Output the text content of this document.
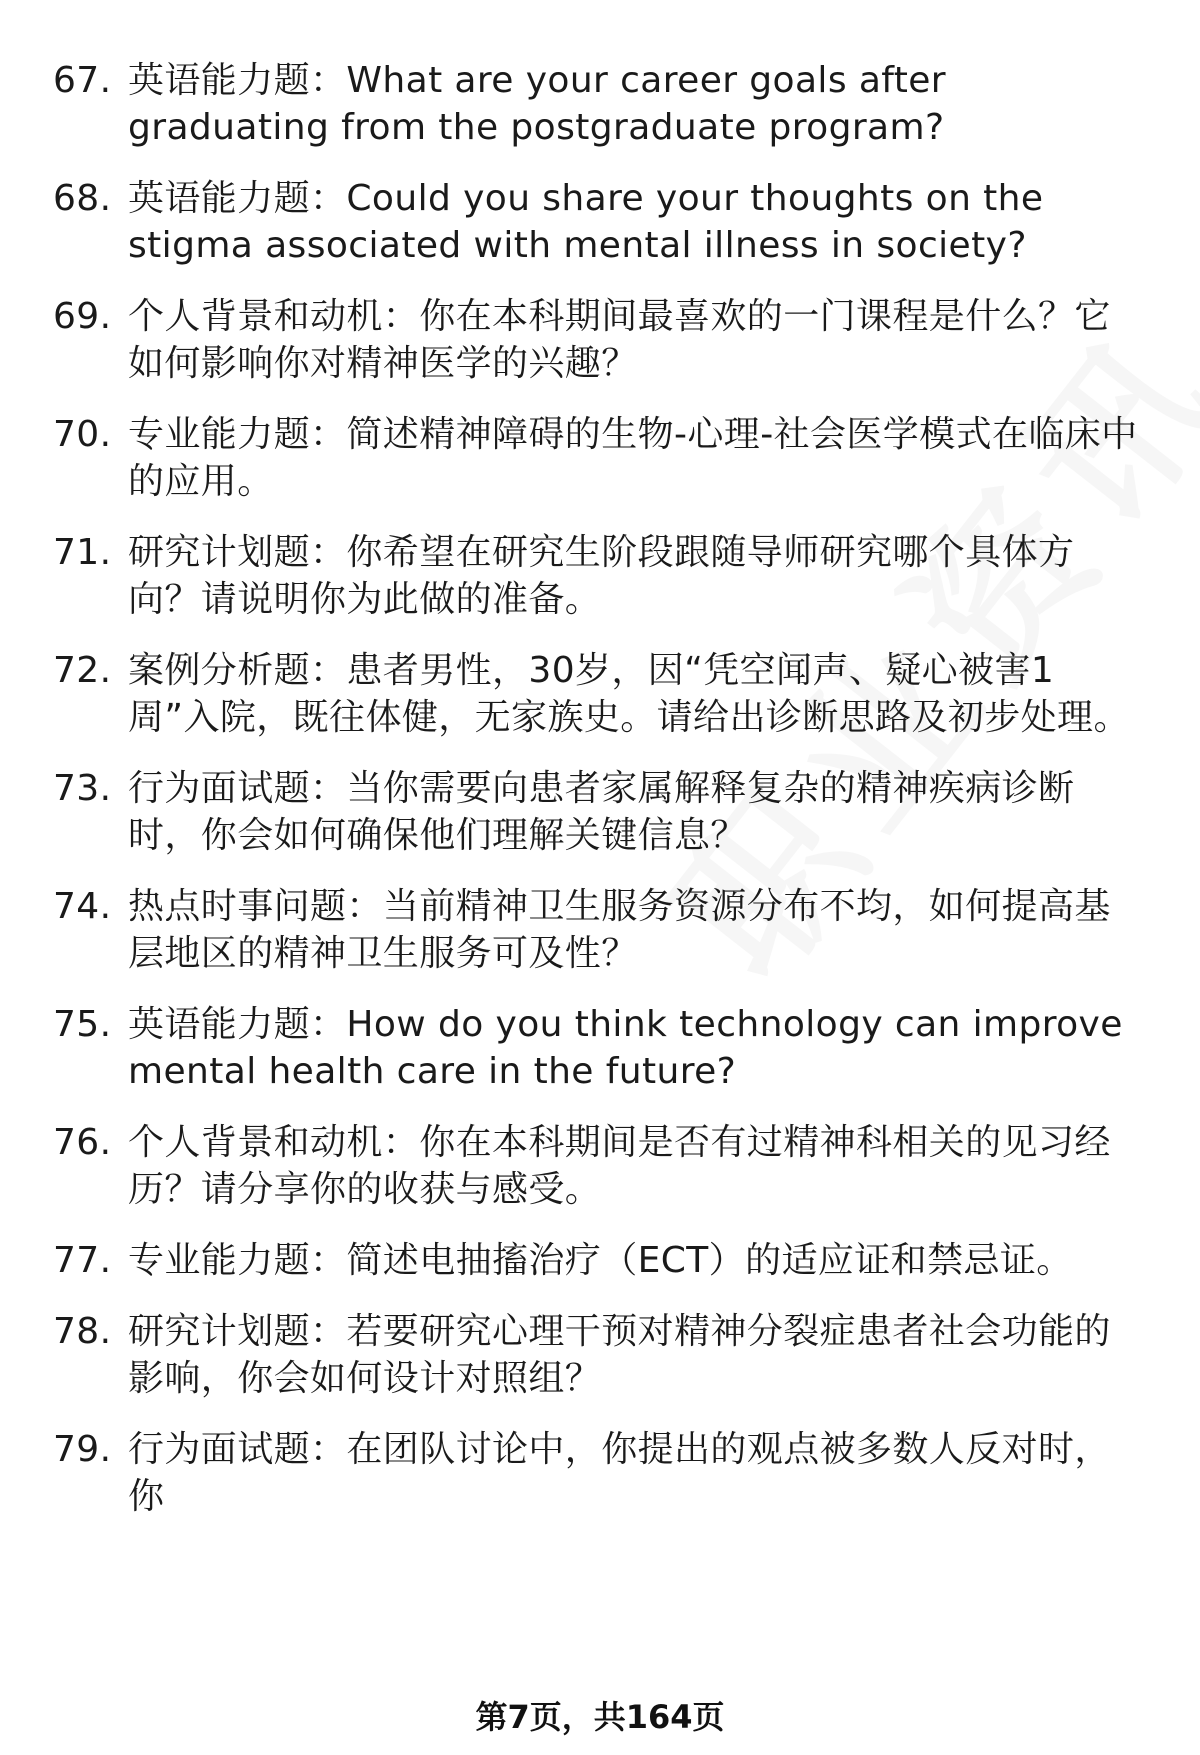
67. 英语能力题：What are your career goals after graduating from the postgraduate program?
68. 英语能力题：Could you share your thoughts on the stigma associated with mental illness in society?
69. 个人背景和动机：你在本科期间最喜欢的一门课程是什么？它如何影响你对精神医学的兴趣？
70. 专业能力题：简述精神障碍的生物-心理-社会医学模式在临床中的应用。
71. 研究计划题：你希望在研究生阶段跟随导师研究哪个具体方向？请说明你为此做的准备。
72. 案例分析题：患者男性，30岁，因“凭空闻声、疑心被害1周”入院，既往体健，无家族史。请给出诊断思路及初步处理。
73. 行为面试题：当你需要向患者家属解释复杂的精神疾病诊断时，你会如何确保他们理解关键信息？
74. 热点时事问题：当前精神卫生服务资源分布不均，如何提高基层地区的精神卫生服务可及性？
75. 英语能力题：How do you think technology can improve mental health care in the future?
76. 个人背景和动机：你在本科期间是否有过精神科相关的见习经历？请分享你的收获与感受。
77. 专业能力题：简述电抽搐治疗（ECT）的适应证和禁忌证。
78. 研究计划题：若要研究心理干预对精神分裂症患者社会功能的影响，你会如何设计对照组？
79. 行为面试题：在团队讨论中，你提出的观点被多数人反对时，你
第7页，共164页
